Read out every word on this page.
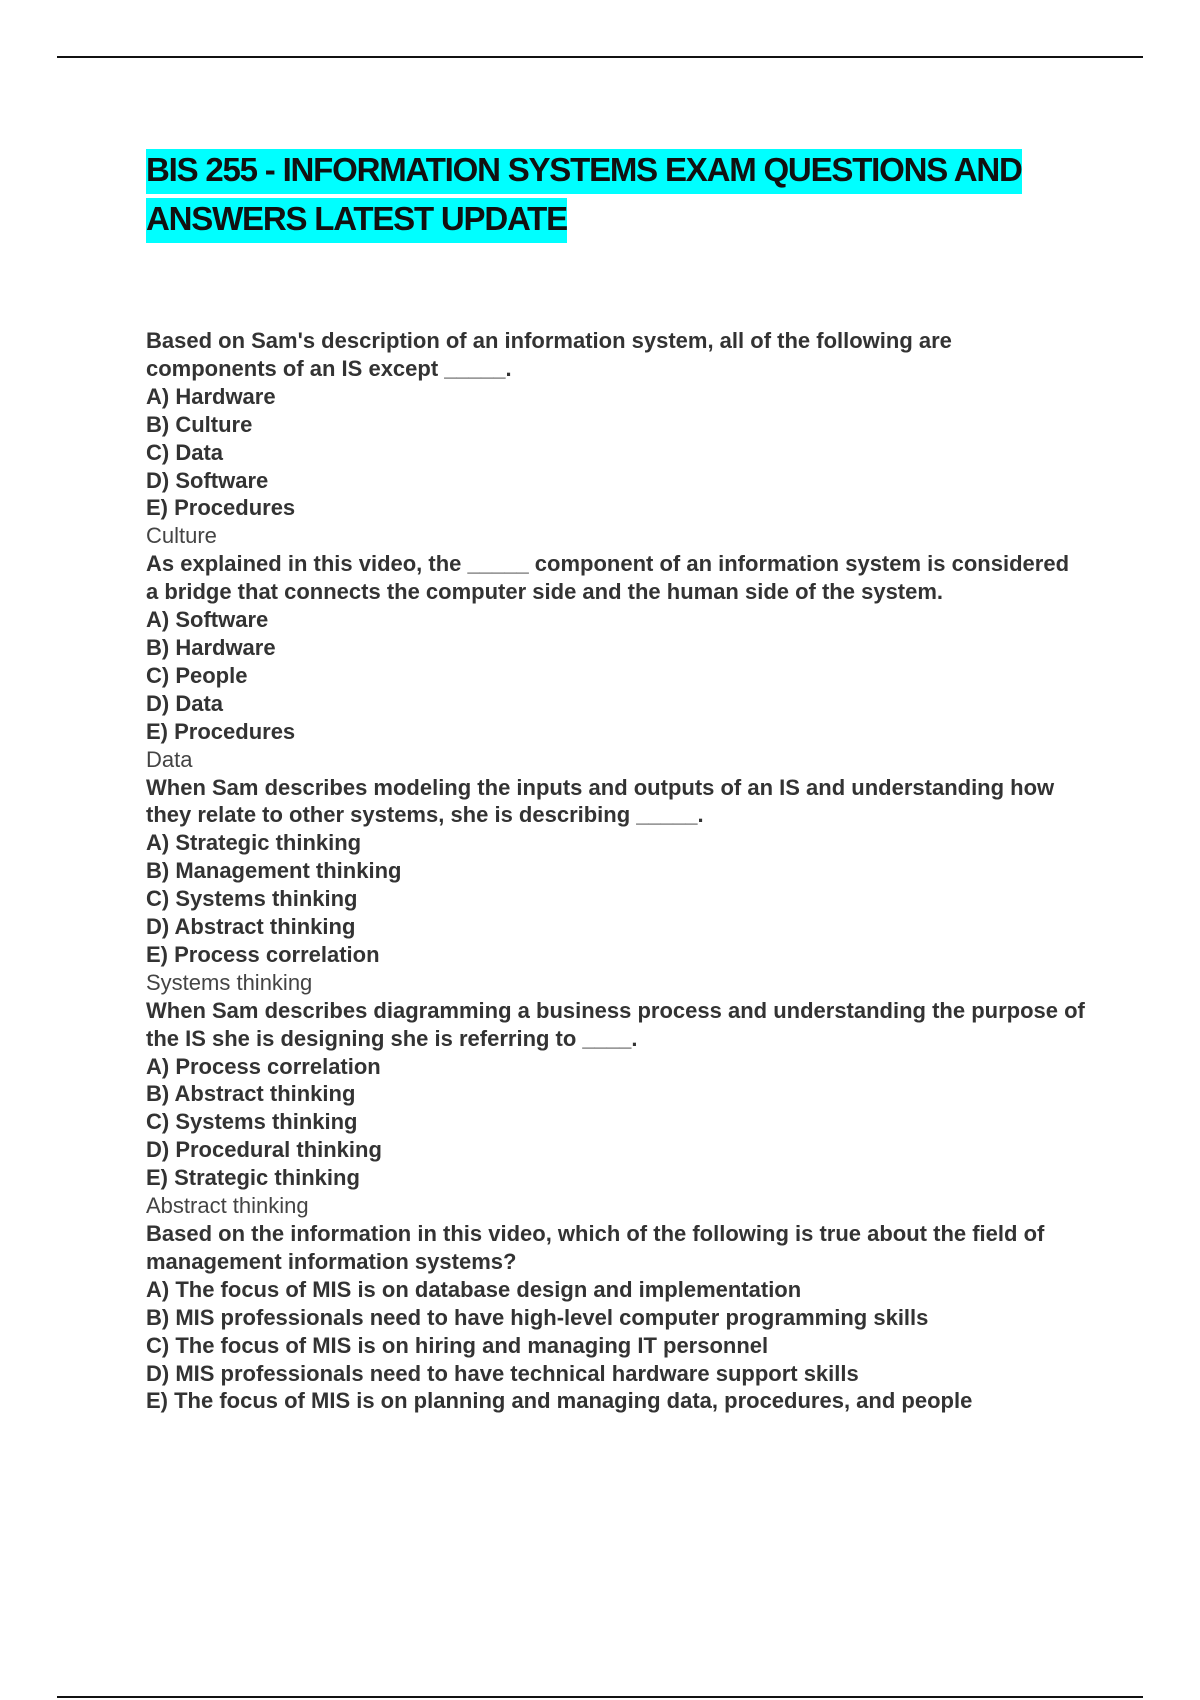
BIS 255 - INFORMATION SYSTEMS EXAM QUESTIONS AND ANSWERS LATEST UPDATE

Based on Sam's description of an information system, all of the following are components of an IS except _____.

A) Hardware

B) Culture

C) Data

D) Software

E) Procedures

Culture

As explained in this video, the _____ component of an information system is considered a bridge that connects the computer side and the human side of the system.

A) Software

B) Hardware

C) People

D) Data

E) Procedures

Data

When Sam describes modeling the inputs and outputs of an IS and understanding how they relate to other systems, she is describing _____.

A) Strategic thinking

B) Management thinking

C) Systems thinking

D) Abstract thinking

E) Process correlation

Systems thinking

When Sam describes diagramming a business process and understanding the purpose of the IS she is designing she is referring to ____.

A) Process correlation

B) Abstract thinking

C) Systems thinking

D) Procedural thinking

E) Strategic thinking

Abstract thinking

Based on the information in this video, which of the following is true about the field of management information systems?

A) The focus of MIS is on database design and implementation

B) MIS professionals need to have high-level computer programming skills

C) The focus of MIS is on hiring and managing IT personnel

D) MIS professionals need to have technical hardware support skills

E) The focus of MIS is on planning and managing data, procedures, and people
